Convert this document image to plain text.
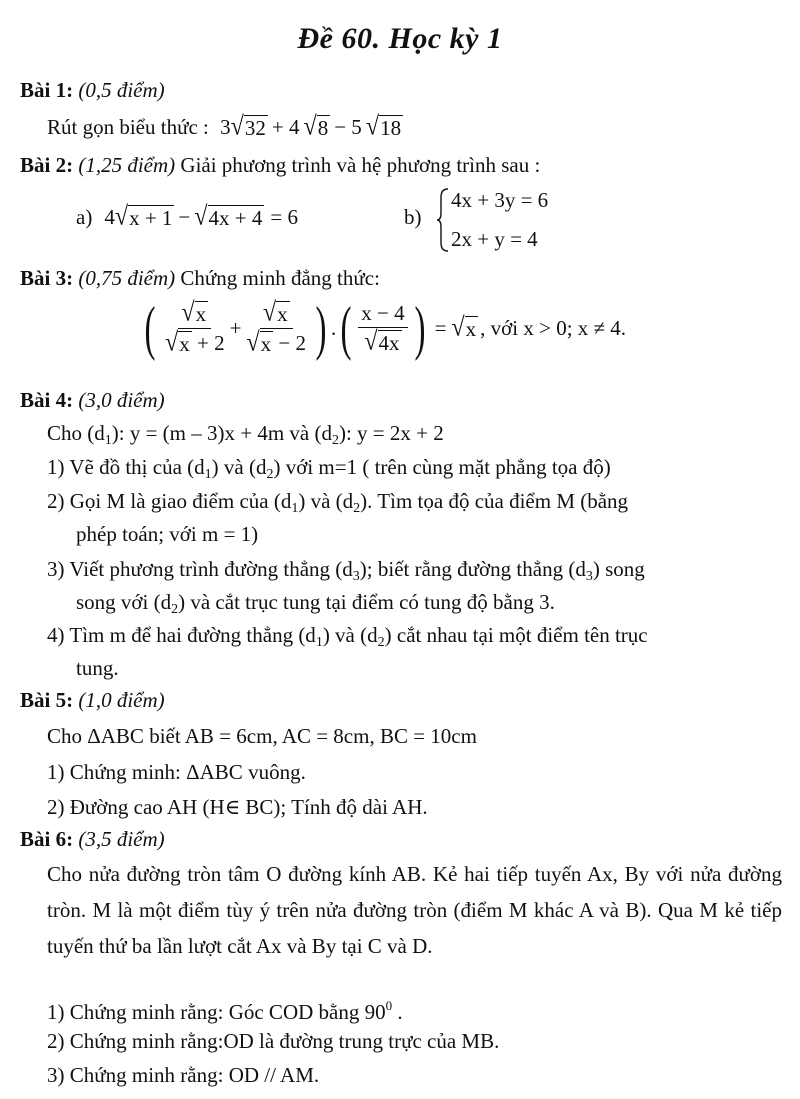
Đề 60. Học kỳ 1
Bài 1: (0,5 điểm)
Rút gọn biểu thức : 3 √ 32 + 4 √ 8 − 5 √ 18
Bài 2: (1,25 điểm) Giải phương trình và hệ phương trình sau :
a) 4 √ x + 1 − √ 4x + 4 = 6	b)
4x + 3y = 6
2x + y = 4
Bài 3: (0,75 điểm) Chứng minh đẳng thức:
( $\frac{√ x}{√ x + 2} + \frac{√ x}{√ x - 2}$ ) . ( $\frac{x - 4}{√ 4x}$ ) = √ x , với x > 0; x ≠ 4.
Bài 4: (3,0 điểm)
Cho $(d_1)$: y = (m – 3)x + 4m và $(d_2)$: y = 2x + 2
1) Vẽ đồ thị của $(d_1)$ và $(d_2)$ với m=1 ( trên cùng mặt phẳng tọa độ)
2) Gọi M là giao điểm của $(d_1)$ và $(d_2)$. Tìm tọa độ của điểm M (bằng
phép toán; với m = 1)
3) Viết phương trình đường thẳng $(d_3)$; biết rằng đường thẳng $(d_3)$ song
song với $(d_2)$ và cắt trục tung tại điểm có tung độ bằng 3.
4) Tìm m để hai đường thẳng $(d_1)$ và $(d_2)$ cắt nhau tại một điểm tên trục
tung.
Bài 5: (1,0 điểm)
Cho ΔABC biết AB = 6cm, AC = 8cm, BC = 10cm
1) Chứng minh: ΔABC vuông.
2) Đường cao AH (H∈ BC); Tính độ dài AH.
Bài 6: (3,5 điểm)
Cho nửa đường tròn tâm O đường kính AB. Kẻ hai tiếp tuyến Ax, By với nửa đường tròn. M là một điểm tùy ý trên nửa đường tròn (điểm M khác A và B). Qua M kẻ tiếp tuyến thứ ba lần lượt cắt Ax và By tại C và D.
1) Chứng minh rằng: Góc COD bằng $90^0$ .
2) Chứng minh rằng:OD là đường trung trực của MB.
3) Chứng minh rằng: OD // AM.
